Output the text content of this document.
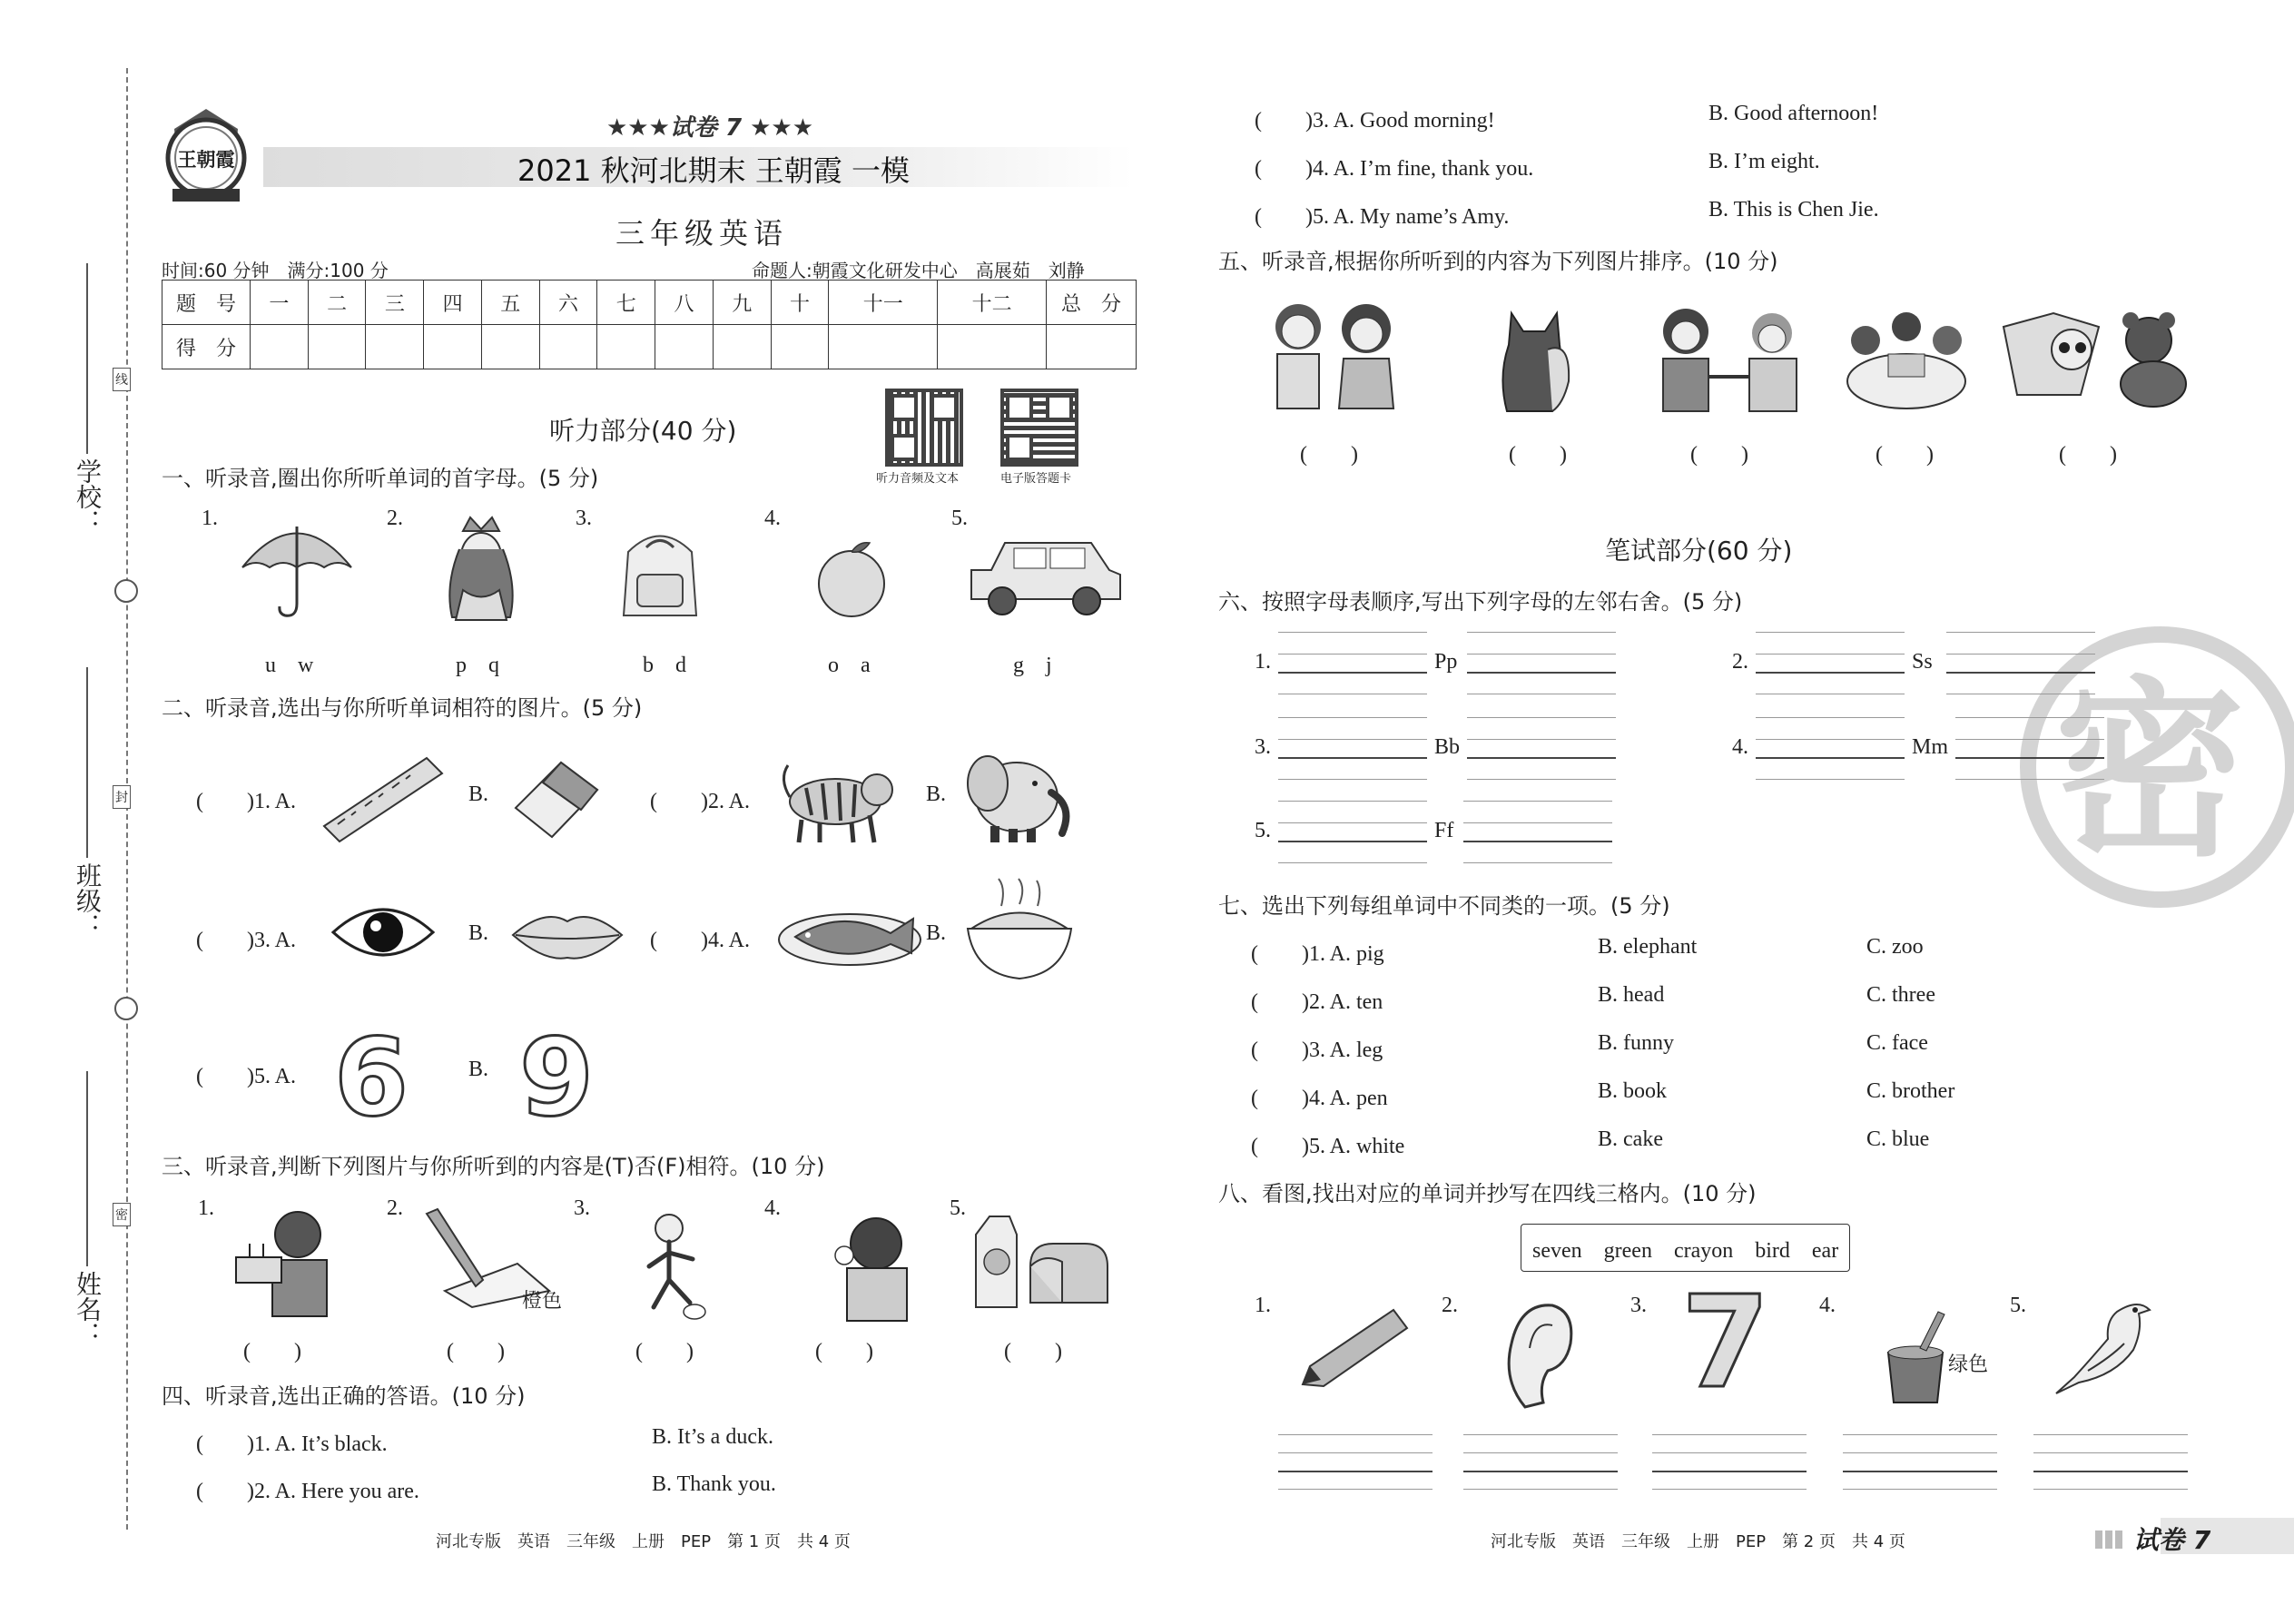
学校：
班级：
姓名：
线
封
密
王朝霞
★★★试卷 7 ★★★
2021 秋河北期末 王朝霞 一模
三年级英语
时间:60 分钟　满分:100 分	命题人:朝霞文化研发中心　高展茹　刘静
题　号	一	二	三	四	五	六	七	八	九	十	十一	十二	总　分
得　分													
听力音频及文本	电子版答题卡
听力部分(40 分)
一、听录音,圈出你所听单词的首字母。(5 分)
1.	2.	3.	4.	5.
u　w	p　q	b　d	o　a	g　j
二、听录音,选出与你所听单词相符的图片。(5 分)
(　　)1. A.	B.	(　　)2. A.	B.
(　　)3. A.	B.	(　　)4. A.	B.
(　　)5. A.	B.
6 9
三、听录音,判断下列图片与你所听到的内容是(T)否(F)相符。(10 分)
1.	2.	3.	4.	5.
橙色
(　　)	(　　)	(　　)	(　　)	(　　)
四、听录音,选出正确的答语。(10 分)
(　　)1. A. It’s black.	B. It’s a duck.
(　　)2. A. Here you are.	B. Thank you.
河北专版　英语　三年级　上册　PEP　第 1 页　共 4 页
(　　)3. A. Good morning!	B. Good afternoon!
(　　)4. A. I’m fine, thank you.	B. I’m eight.
(　　)5. A. My name’s Amy.	B. This is Chen Jie.
五、听录音,根据你所听到的内容为下列图片排序。(10 分)
(　　)	(　　)	(　　)	(　　)	(　　)
笔试部分(60 分)
密
六、按照字母表顺序,写出下列字母的左邻右舍。(5 分)
1.	Pp	2.	Ss
3.	Bb	4.	Mm
5.	Ff
七、选出下列每组单词中不同类的一项。(5 分)
(　　)1. A. pig	B. elephant	C. zoo
(　　)2. A. ten	B. head	C. three
(　　)3. A. leg	B. funny	C. face
(　　)4. A. pen	B. book	C. brother
(　　)5. A. white	B. cake	C. blue
八、看图,找出对应的单词并抄写在四线三格内。(10 分)
seven　green　crayon　bird　ear
1.	2.	3.	4.	5.
7	绿色
河北专版　英语　三年级　上册　PEP　第 2 页　共 4 页	试卷 7
